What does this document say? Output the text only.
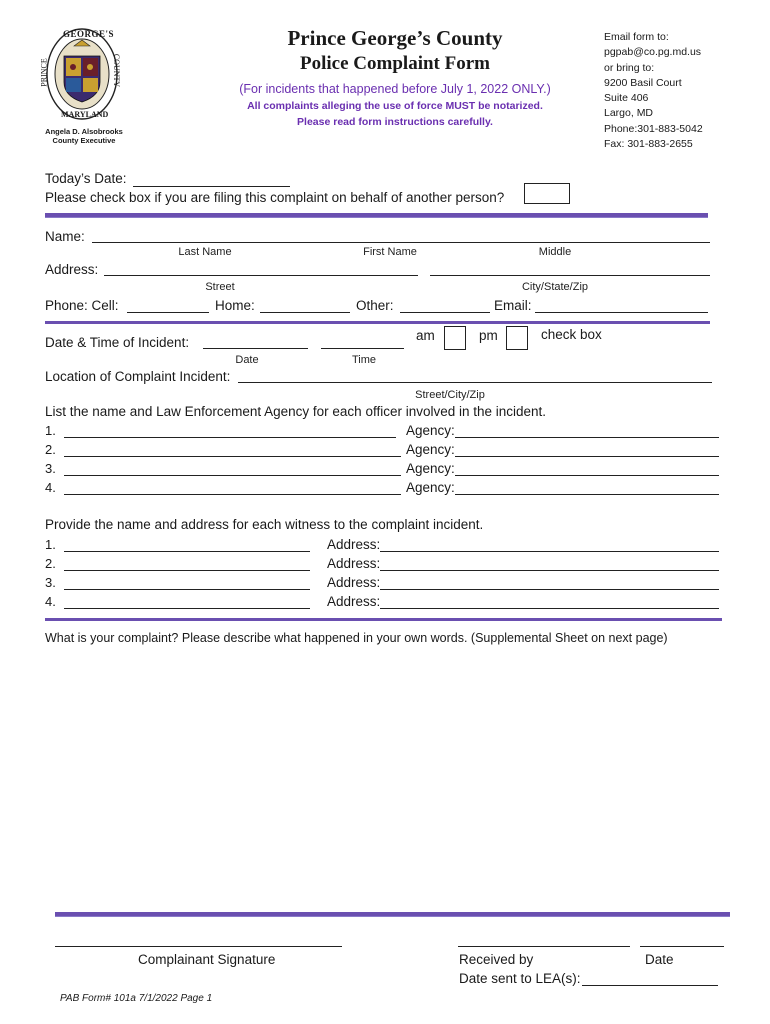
GEORGE'S
PRINCE	COUNTY
MARYLAND
Angela D. Alsobrooks
County Executive
Prince George’s County
Police Complaint Form
(For incidents that happened before July 1, 2022 ONLY.)
All complaints alleging the use of force MUST be notarized.
Please read form instructions carefully.
Email form to:
pgpab@co.pg.md.us
or bring to:
9200 Basil Court
Suite 406
Largo, MD
Phone:301-883-5042
Fax: 301-883-2655
Today’s Date:
Please check box if you are filing this complaint on behalf of another person?
Name:
Last Name	First Name	Middle
Address:
Street	City/State/Zip
Phone: Cell:	Home:	Other:	Email:
Date & Time of Incident:	am	pm	check box
Date	Time
Location of Complaint Incident:
Street/City/Zip
List the name and Law Enforcement Agency for each officer involved in the incident.
1.	Agency:
2.	Agency:
3.	Agency:
4.	Agency:
Provide the name and address for each witness to the complaint incident.
1.	Address:
2.	Address:
3.	Address:
4.	Address:
What is your complaint? Please describe what happened in your own words. (Supplemental Sheet on next page)
Complainant Signature	Received by	Date
Date sent to LEA(s):
PAB Form# 101a 7/1/2022 Page 1
